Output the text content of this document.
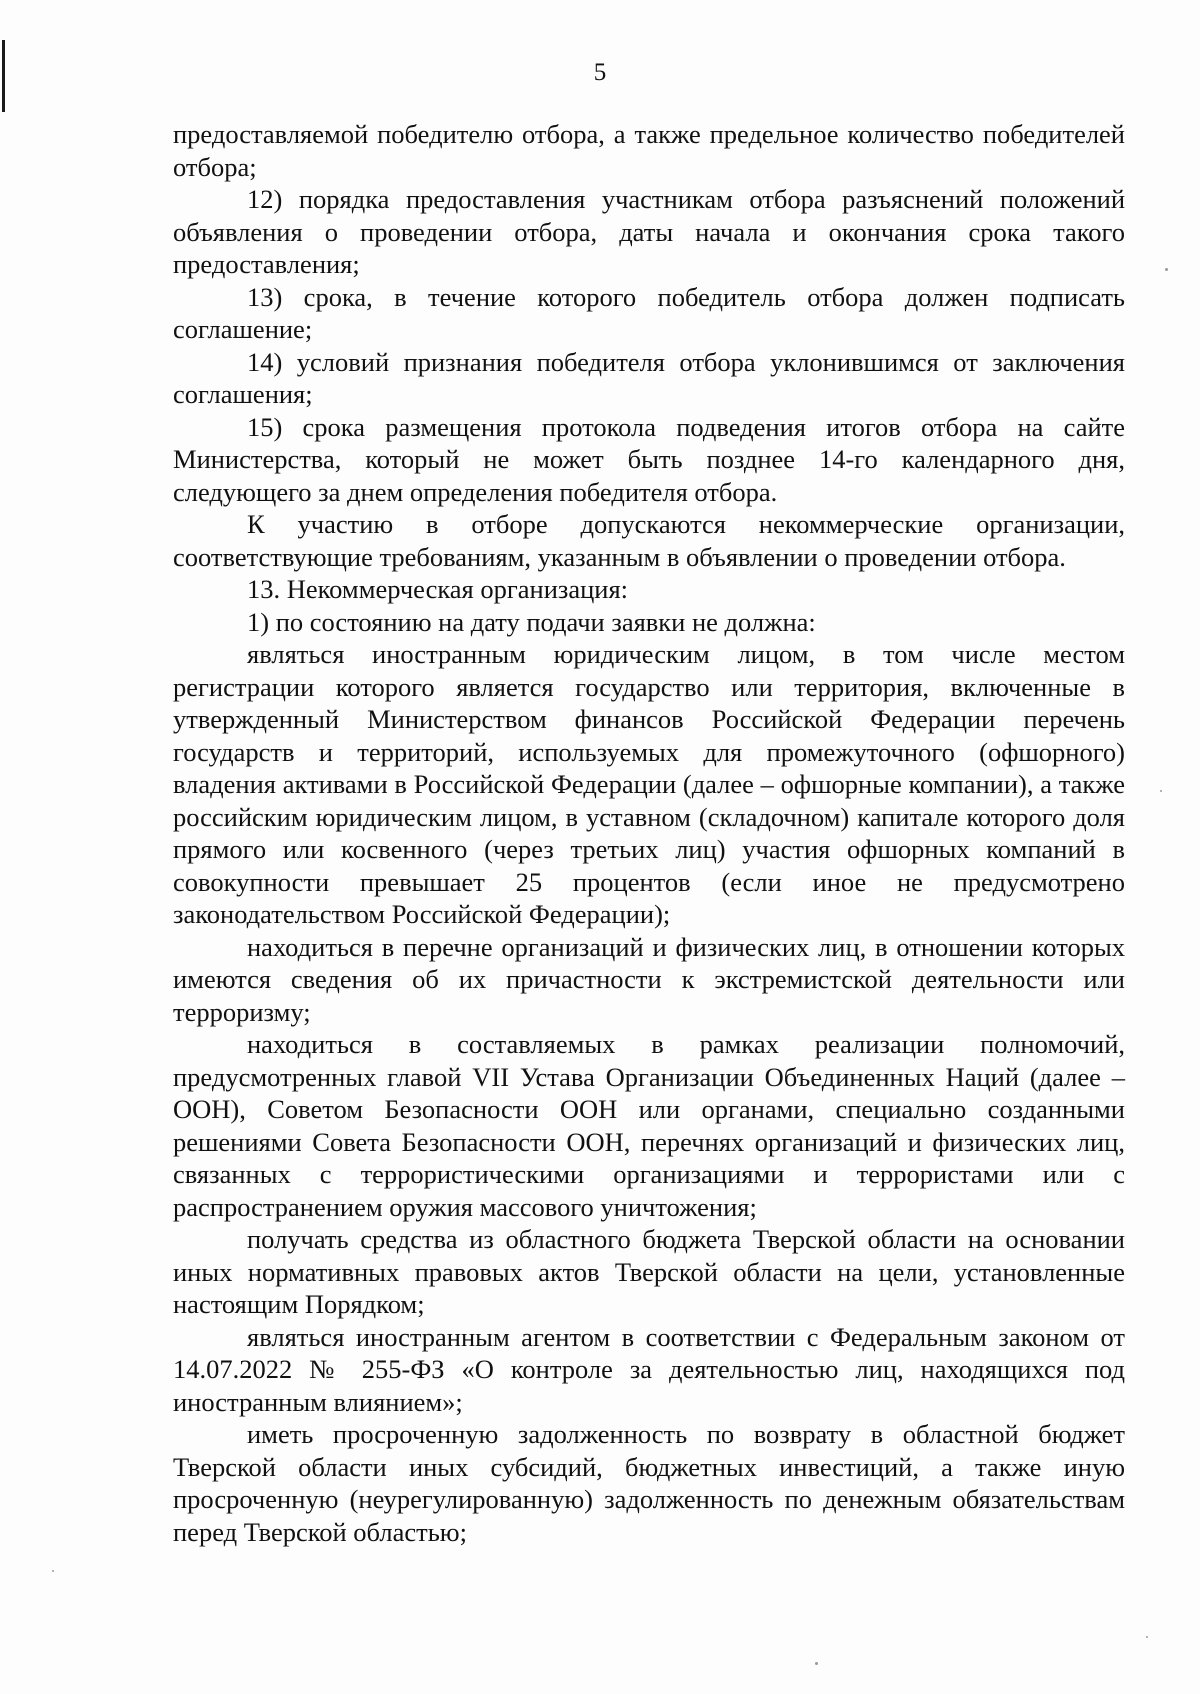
5

предоставляемой победителю отбора, а также предельное количество победителей отбора;

12) порядка предоставления участникам отбора разъяснений положений объявления о проведении отбора, даты начала и окончания срока такого предоставления;

13) срока, в течение которого победитель отбора должен подписать соглашение;

14) условий признания победителя отбора уклонившимся от заключения соглашения;

15) срока размещения протокола подведения итогов отбора на сайте Министерства, который не может быть позднее 14-го календарного дня, следующего за днем определения победителя отбора.

К участию в отборе допускаются некоммерческие организации, соответствующие требованиям, указанным в объявлении о проведении отбора.

13. Некоммерческая организация:

1) по состоянию на дату подачи заявки не должна:

являться иностранным юридическим лицом, в том числе местом регистрации которого является государство или территория, включенные в утвержденный Министерством финансов Российской Федерации перечень государств и территорий, используемых для промежуточного (офшорного) владения активами в Российской Федерации (далее – офшорные компании), а также российским юридическим лицом, в уставном (складочном) капитале которого доля прямого или косвенного (через третьих лиц) участия офшорных компаний в совокупности превышает 25 процентов (если иное не предусмотрено законодательством Российской Федерации);

находиться в перечне организаций и физических лиц, в отношении которых имеются сведения об их причастности к экстремистской деятельности или терроризму;

находиться в составляемых в рамках реализации полномочий, предусмотренных главой VII Устава Организации Объединенных Наций (далее – ООН), Советом Безопасности ООН или органами, специально созданными решениями Совета Безопасности ООН, перечнях организаций и физических лиц, связанных с террористическими организациями и террористами или с распространением оружия массового уничтожения;

получать средства из областного бюджета Тверской области на основании иных нормативных правовых актов Тверской области на цели, установленные настоящим Порядком;

являться иностранным агентом в соответствии с Федеральным законом от 14.07.2022 № 255-ФЗ «О контроле за деятельностью лиц, находящихся под иностранным влиянием»;

иметь просроченную задолженность по возврату в областной бюджет Тверской области иных субсидий, бюджетных инвестиций, а также иную просроченную (неурегулированную) задолженность по денежным обязательствам перед Тверской областью;
